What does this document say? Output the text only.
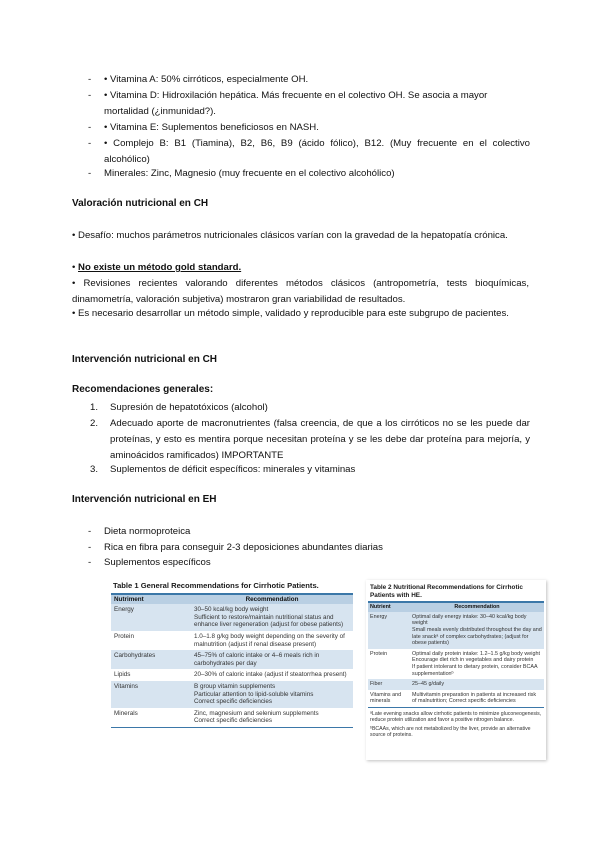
-	• Vitamina A: 50% cirróticos, especialmente OH.
-	• Vitamina D: Hidroxilación hepática. Más frecuente en el colectivo OH. Se asocia a mayor mortalidad (¿inmunidad?).
-	• Vitamina E: Suplementos beneficiosos en NASH.
-	• Complejo B: B1 (Tiamina), B2, B6, B9 (ácido fólico), B12. (Muy frecuente en el colectivo alcohólico)
-	Minerales: Zinc, Magnesio (muy frecuente en el colectivo alcohólico)
Valoración nutricional en CH
• Desafío: muchos parámetros nutricionales clásicos varían con la gravedad de la hepatopatía crónica.
• No existe un método gold standard.
• Revisiones recientes valorando diferentes métodos clásicos (antropometría, tests bioquímicas, dinamometría, valoración subjetiva) mostraron gran variabilidad de resultados.
• Es necesario desarrollar un método simple, validado y reproducible para este subgrupo de pacientes.
Intervención nutricional en CH
Recomendaciones generales:
1.	Supresión de hepatotóxicos (alcohol)
2.	Adecuado aporte de macronutrientes (falsa creencia, de que a los cirróticos no se les puede dar proteínas, y esto es mentira porque necesitan proteína y se les debe dar proteína para mejoría, y aminoácidos ramificados) IMPORTANTE
3.	Suplementos de déficit específicos: minerales y vitaminas
Intervención nutricional en EH
-	Dieta normoproteica
-	Rica en fibra para conseguir 2-3 deposiciones abundantes diarias
-	Suplementos específicos
Table 1 General Recommendations for Cirrhotic Patients.
Nutriment	Recommendation
Energy	30–50 kcal/kg body weight
Sufficient to restore/maintain nutritional status and enhance liver regeneration (adjust for obese patients)

Protein	1.0–1.8 g/kg body weight depending on the severity of malnutrition (adjust if renal disease present)

Carbohydrates	45–75% of caloric intake or 4–6 meals rich in carbohydrates per day

Lipids	20–30% of caloric intake (adjust if steatorrhea present)

Vitamins	B group vitamin supplements
Particular attention to lipid-soluble vitamins
Correct specific deficiencies

Minerals	Zinc, magnesium and selenium supplements
Correct specific deficiencies
Table 2 Nutritional Recommendations for Cirrhotic Patients with HE.
Nutrient	Recommendation
Energy	Optimal daily energy intake: 30–40 kcal/kg body weight
Small meals evenly distributed throughout the day and late snackᵃ of complex carbohydrates; (adjust for obese patients)

Protein	Optimal daily protein intake: 1.2–1.5 g/kg body weight
Encourage diet rich in vegetables and dairy protein
If patient intolerant to dietary protein, consider BCAA supplementationᵇ

Fiber	25–45 g/daily

Vitamins and minerals	Multivitamin preparation in patients at increased risk of malnutrition; Correct specific deficiencies
ᵃLate evening snacks allow cirrhotic patients to minimize gluconeogenesis, reduce protein utilization and favor a positive nitrogen balance.
ᵇBCAAs, which are not metabolized by the liver, provide an alternative source of proteins.
